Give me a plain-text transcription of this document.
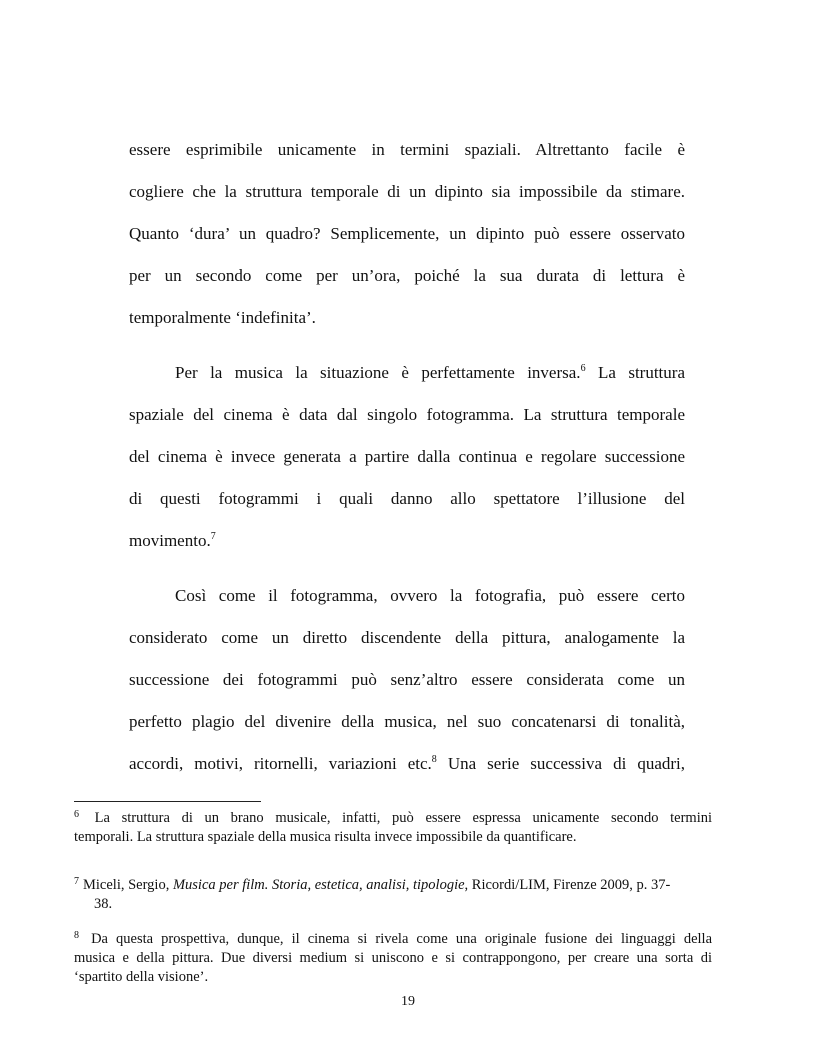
essere esprimibile unicamente in termini spaziali. Altrettanto facile è
cogliere che la struttura temporale di un dipinto sia impossibile da stimare.
Quanto ‘dura’ un quadro? Semplicemente, un dipinto può essere osservato
per un secondo come per un’ora, poiché la sua durata di lettura è
temporalmente ‘indefinita’.
Per la musica la situazione è perfettamente inversa.$^6$ La struttura
spaziale del cinema è data dal singolo fotogramma. La struttura temporale
del cinema è invece generata a partire dalla continua e regolare successione
di questi fotogrammi i quali danno allo spettatore l’illusione del
movimento.$^7$
Così come il fotogramma, ovvero la fotografia, può essere certo
considerato come un diretto discendente della pittura, analogamente la
successione dei fotogrammi può senz’altro essere considerata come un
perfetto plagio del divenire della musica, nel suo concatenarsi di tonalità,
accordi, motivi, ritornelli, variazioni etc.$^8$ Una serie successiva di quadri,
$^6$ La struttura di un brano musicale, infatti, può essere espressa unicamente secondo termini
temporali. La struttura spaziale della musica risulta invece impossibile da quantificare.
$^7$ Miceli, Sergio, Musica per film. Storia, estetica, analisi, tipologie, Ricordi/LIM, Firenze 2009, p. 37-
38.
$^8$ Da questa prospettiva, dunque, il cinema si rivela come una originale fusione dei linguaggi della
musica e della pittura. Due diversi medium si uniscono e si contrappongono, per creare una sorta di
‘spartito della visione’.
19
